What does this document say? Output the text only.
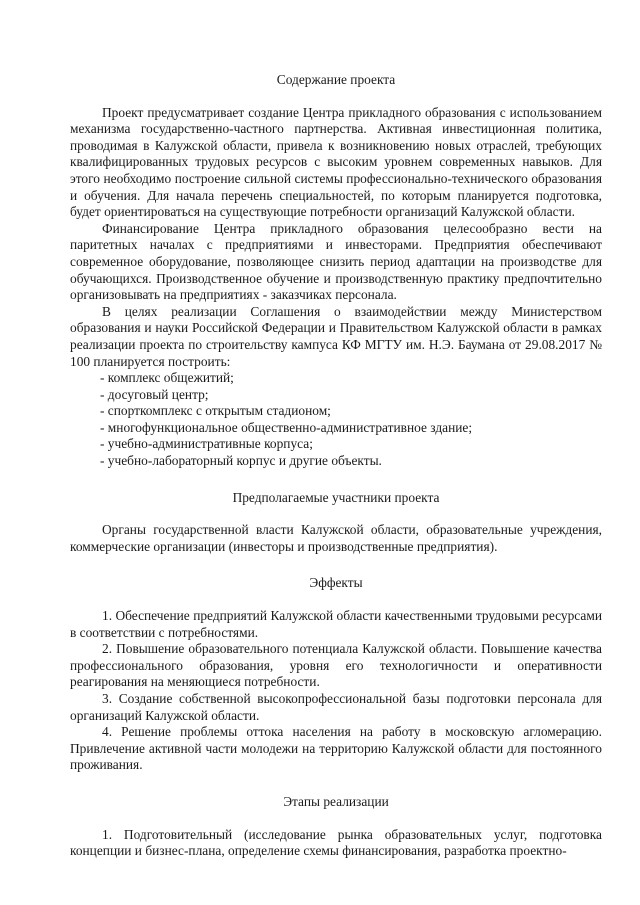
Содержание проекта

Проект предусматривает создание Центра прикладного образования с использованием механизма государственно-частного партнерства. Активная инвестиционная политика, проводимая в Калужской области, привела к возникновению новых отраслей, требующих квалифицированных трудовых ресурсов с высоким уровнем современных навыков. Для этого необходимо построение сильной системы профессионально-технического образования и обучения. Для начала перечень специальностей, по которым планируется подготовка, будет ориентироваться на существующие потребности организаций Калужской области.

Финансирование Центра прикладного образования целесообразно вести на паритетных началах с предприятиями и инвесторами. Предприятия обеспечивают современное оборудование, позволяющее снизить период адаптации на производстве для обучающихся. Производственное обучение и производственную практику предпочтительно организовывать на предприятиях - заказчиках персонала.

В целях реализации Соглашения о взаимодействии между Министерством образования и науки Российской Федерации и Правительством Калужской области в рамках реализации проекта по строительству кампуса КФ МГТУ им. Н.Э. Баумана от 29.08.2017 № 100 планируется построить:

- комплекс общежитий;
- досуговый центр;
- спорткомплекс с открытым стадионом;
- многофункциональное общественно-административное здание;
- учебно-административные корпуса;
- учебно-лабораторный корпус и другие объекты.
Предполагаемые участники проекта

Органы государственной власти Калужской области, образовательные учреждения, коммерческие организации (инвесторы и производственные предприятия).

Эффекты

1. Обеспечение предприятий Калужской области качественными трудовыми ресурсами в соответствии с потребностями.

2. Повышение образовательного потенциала Калужской области. Повышение качества профессионального образования, уровня его технологичности и оперативности реагирования на меняющиеся потребности.

3. Создание собственной высокопрофессиональной базы подготовки персонала для организаций Калужской области.

4. Решение проблемы оттока населения на работу в московскую агломерацию. Привлечение активной части молодежи на территорию Калужской области для постоянного проживания.

Этапы реализации

1. Подготовительный (исследование рынка образовательных услуг, подготовка концепции и бизнес-плана, определение схемы финансирования, разработка проектно-
